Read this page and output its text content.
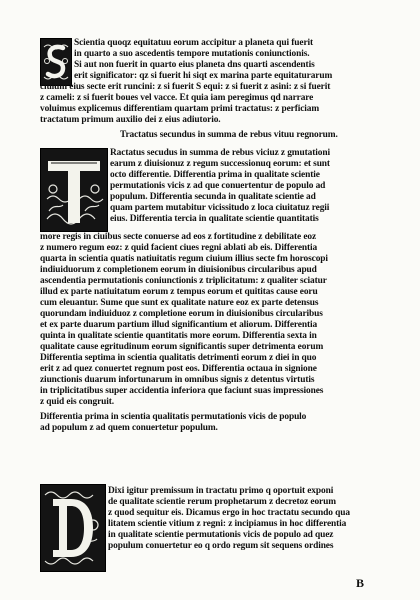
Scientia quoqz equitatuu eorum accipitur a planeta qui fuerit
in quarto a suo ascedentis tempore mutationis coniunctionis.
Si aut non fuerit in quarto eius planeta dns quarti ascendentis
erit significator: qz si fuerit hi siqt ex marina parte equitaturarum
ciuium eius secte erit runcini: z si fuerit S equi: z si fuerit z asini: z si fuerit
z cameli: z si fuerit boues vel vacce. Et quia iam peregimus qd narrare
voluimus explicemus differentiam quartam primi tractatus: z perficiam
tractatum primum auxilio dei z eius adiutorio.
Tractatus secundus in summa de rebus vituu regnorum.
Ractatus secudus in summa de rebus viciuz z gmutationi
earum z diuisionuz z regum successionuq eorum: et sunt
octo differentie. Differentia prima in qualitate scientie
permutationis vicis z ad que conuertentur de populo ad
populum. Differentia secunda in qualitate scientie ad
quam partem mutabitur vicissitudo z loca ciuitatuz regii
eius. Differentia tercia in qualitate scientie quantitatis
more regis in ciuibus secte conuerse ad eos z fortitudine z debilitate eoz
z numero regum eoz: z quid facient ciues regni ablati ab eis. Differentia
quarta in scientia quatis natiuitatis regum ciuium illius secte fm horoscopi
indiuiduorum z completionem eorum in diuisionibus circularibus apud
ascendentia permutationis coniunctionis z triplicitatum: z qualiter sciatur
illud ex parte natiuitatum eorum z tempus eorum et quititas cause eoru
cum eleuantur. Sume que sunt ex qualitate nature eoz ex parte detensus
quorundam indiuiduoz z completione eorum in diuisionibus circularibus
et ex parte duarum partium illud significantium et aliorum. Differentia
quinta in qualitate scientie quantitatis more eorum. Differentia sexta in
qualitate cause egritudinum eorum significantis super detrimenta eorum
Differentia septima in scientia qualitatis detrimenti eorum z diei in quo
erit z ad quez conuertet regnum post eos. Differentia octaua in signione
ziunctionis duarum infortunarum in omnibus signis z detentus virtutis
in triplicitatibus super accidentia inferiora que faciunt suas impressiones
z quid eis congruit.
Differentia prima in scientia qualitatis permutationis vicis de populo
ad populum z ad quem conuertetur populum.
Dixi igitur premissum in tractatu primo q oportuit exponi
de qualitate scientie rerum prophetarum z decretoz eorum
z quod sequitur eis. Dicamus ergo in hoc tractatu secundo qua
litatem scientie vitium z regni: z incipiamus in hoc differentia
in qualitate scientie permutationis vicis de populo ad quez
populum conuertetur eo q ordo regum sit sequens ordines
B
